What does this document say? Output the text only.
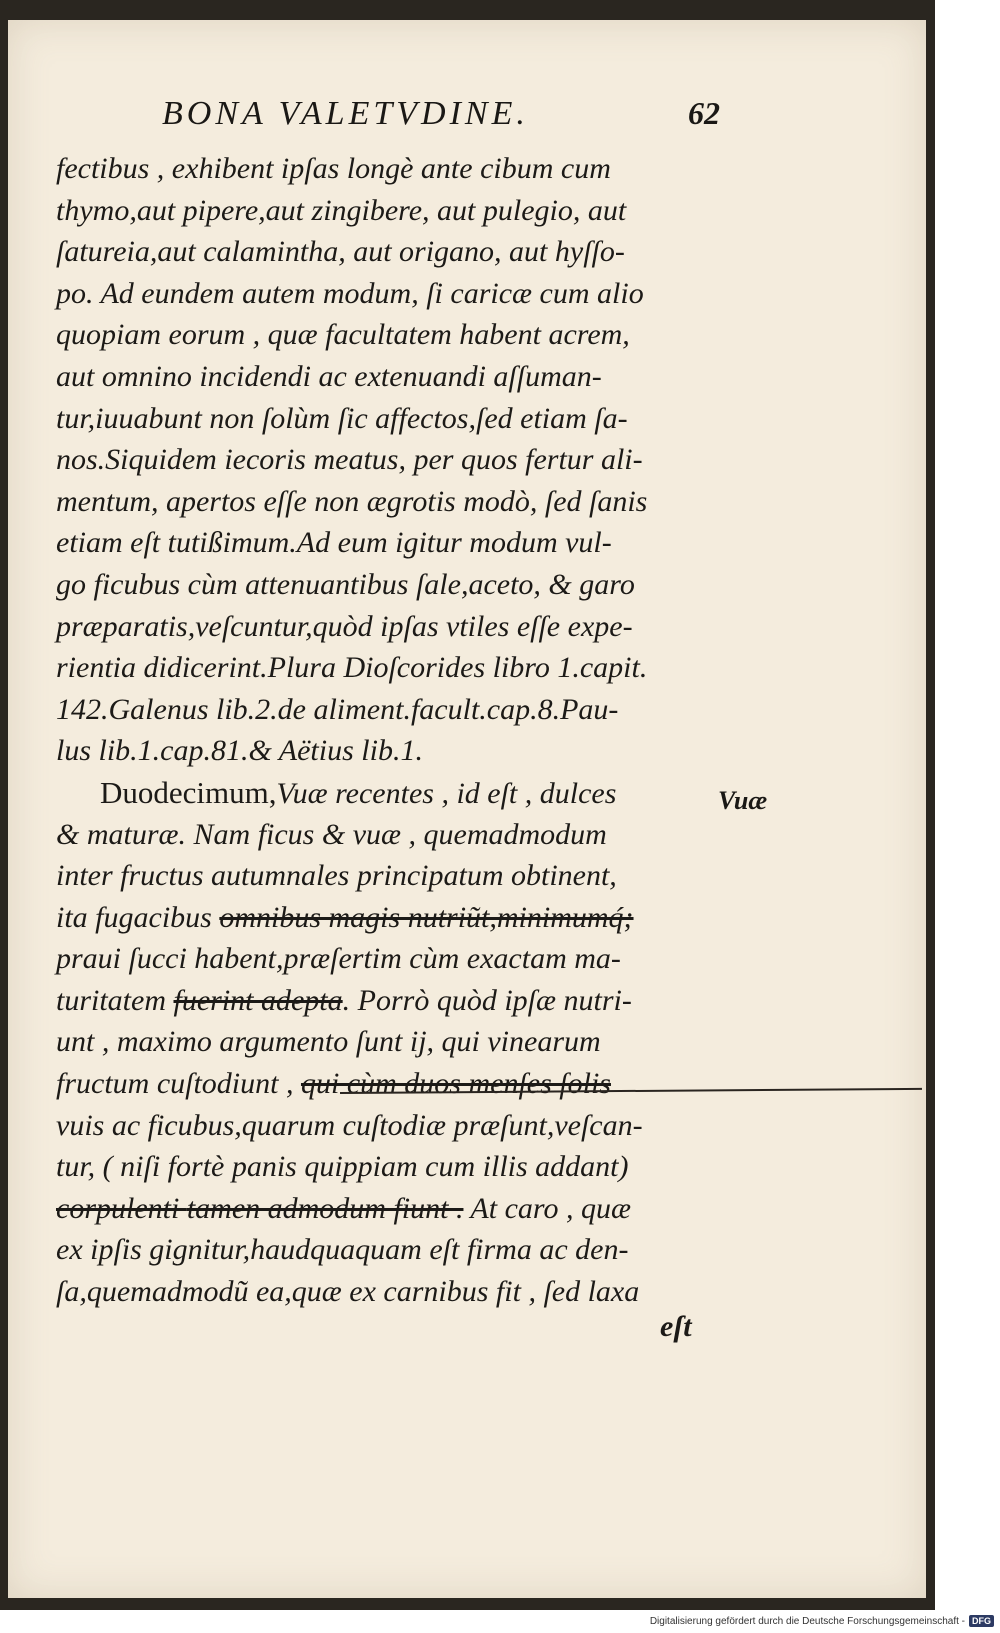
BONA VALETVDINE.	62
fectibus , exhibent ipſas longè ante cibum cum
thymo,aut pipere,aut zingibere, aut pulegio, aut
ſatureia,aut calamintha, aut origano, aut hyſſo-
po. Ad eundem autem modum, ſi caricæ cum alio
quopiam eorum , quæ facultatem habent acrem,
aut omnino incidendi ac extenuandi aſſuman-
tur,iuuabunt non ſolùm ſic affectos,ſed etiam ſa-
nos.Siquidem iecoris meatus, per quos fertur ali-
mentum, apertos eſſe non ægrotis modò, ſed ſanis
etiam eſt tutißimum.Ad eum igitur modum vul-
go ficubus cùm attenuantibus ſale,aceto, & garo
præparatis,veſcuntur,quòd ipſas vtiles eſſe expe-
rientia didicerint.Plura Dioſcorides libro 1.capit.
142.Galenus lib.2.de aliment.facult.cap.8.Pau-
lus lib.1.cap.81.& Aëtius lib.1.
Duodecimum,Vuæ recentes , id eſt , dulces
& maturæ. Nam ficus & vuæ , quemadmodum
inter fructus autumnales principatum obtinent,
ita fugacibus omnibus magis nutriũt,minimumq́;
praui ſucci habent,præſertim cùm exactam ma-
turitatem fuerint adepta. Porrò quòd ipſæ nutri-
unt , maximo argumento ſunt ij, qui vinearum
fructum cuſtodiunt , qui cùm duos menſes ſolis
vuis ac ficubus,quarum cuſtodiæ præſunt,veſcan-
tur, ( niſi fortè panis quippiam cum illis addant)
corpulenti tamen admodum fiunt . At caro , quæ
ex ipſis gignitur,haudquaquam eſt firma ac den-
ſa,quemadmodũ ea,quæ ex carnibus fit , ſed laxa
Vuæ
eſt
Digitalisierung gefördert durch die Deutsche Forschungsgemeinschaft - DFG
